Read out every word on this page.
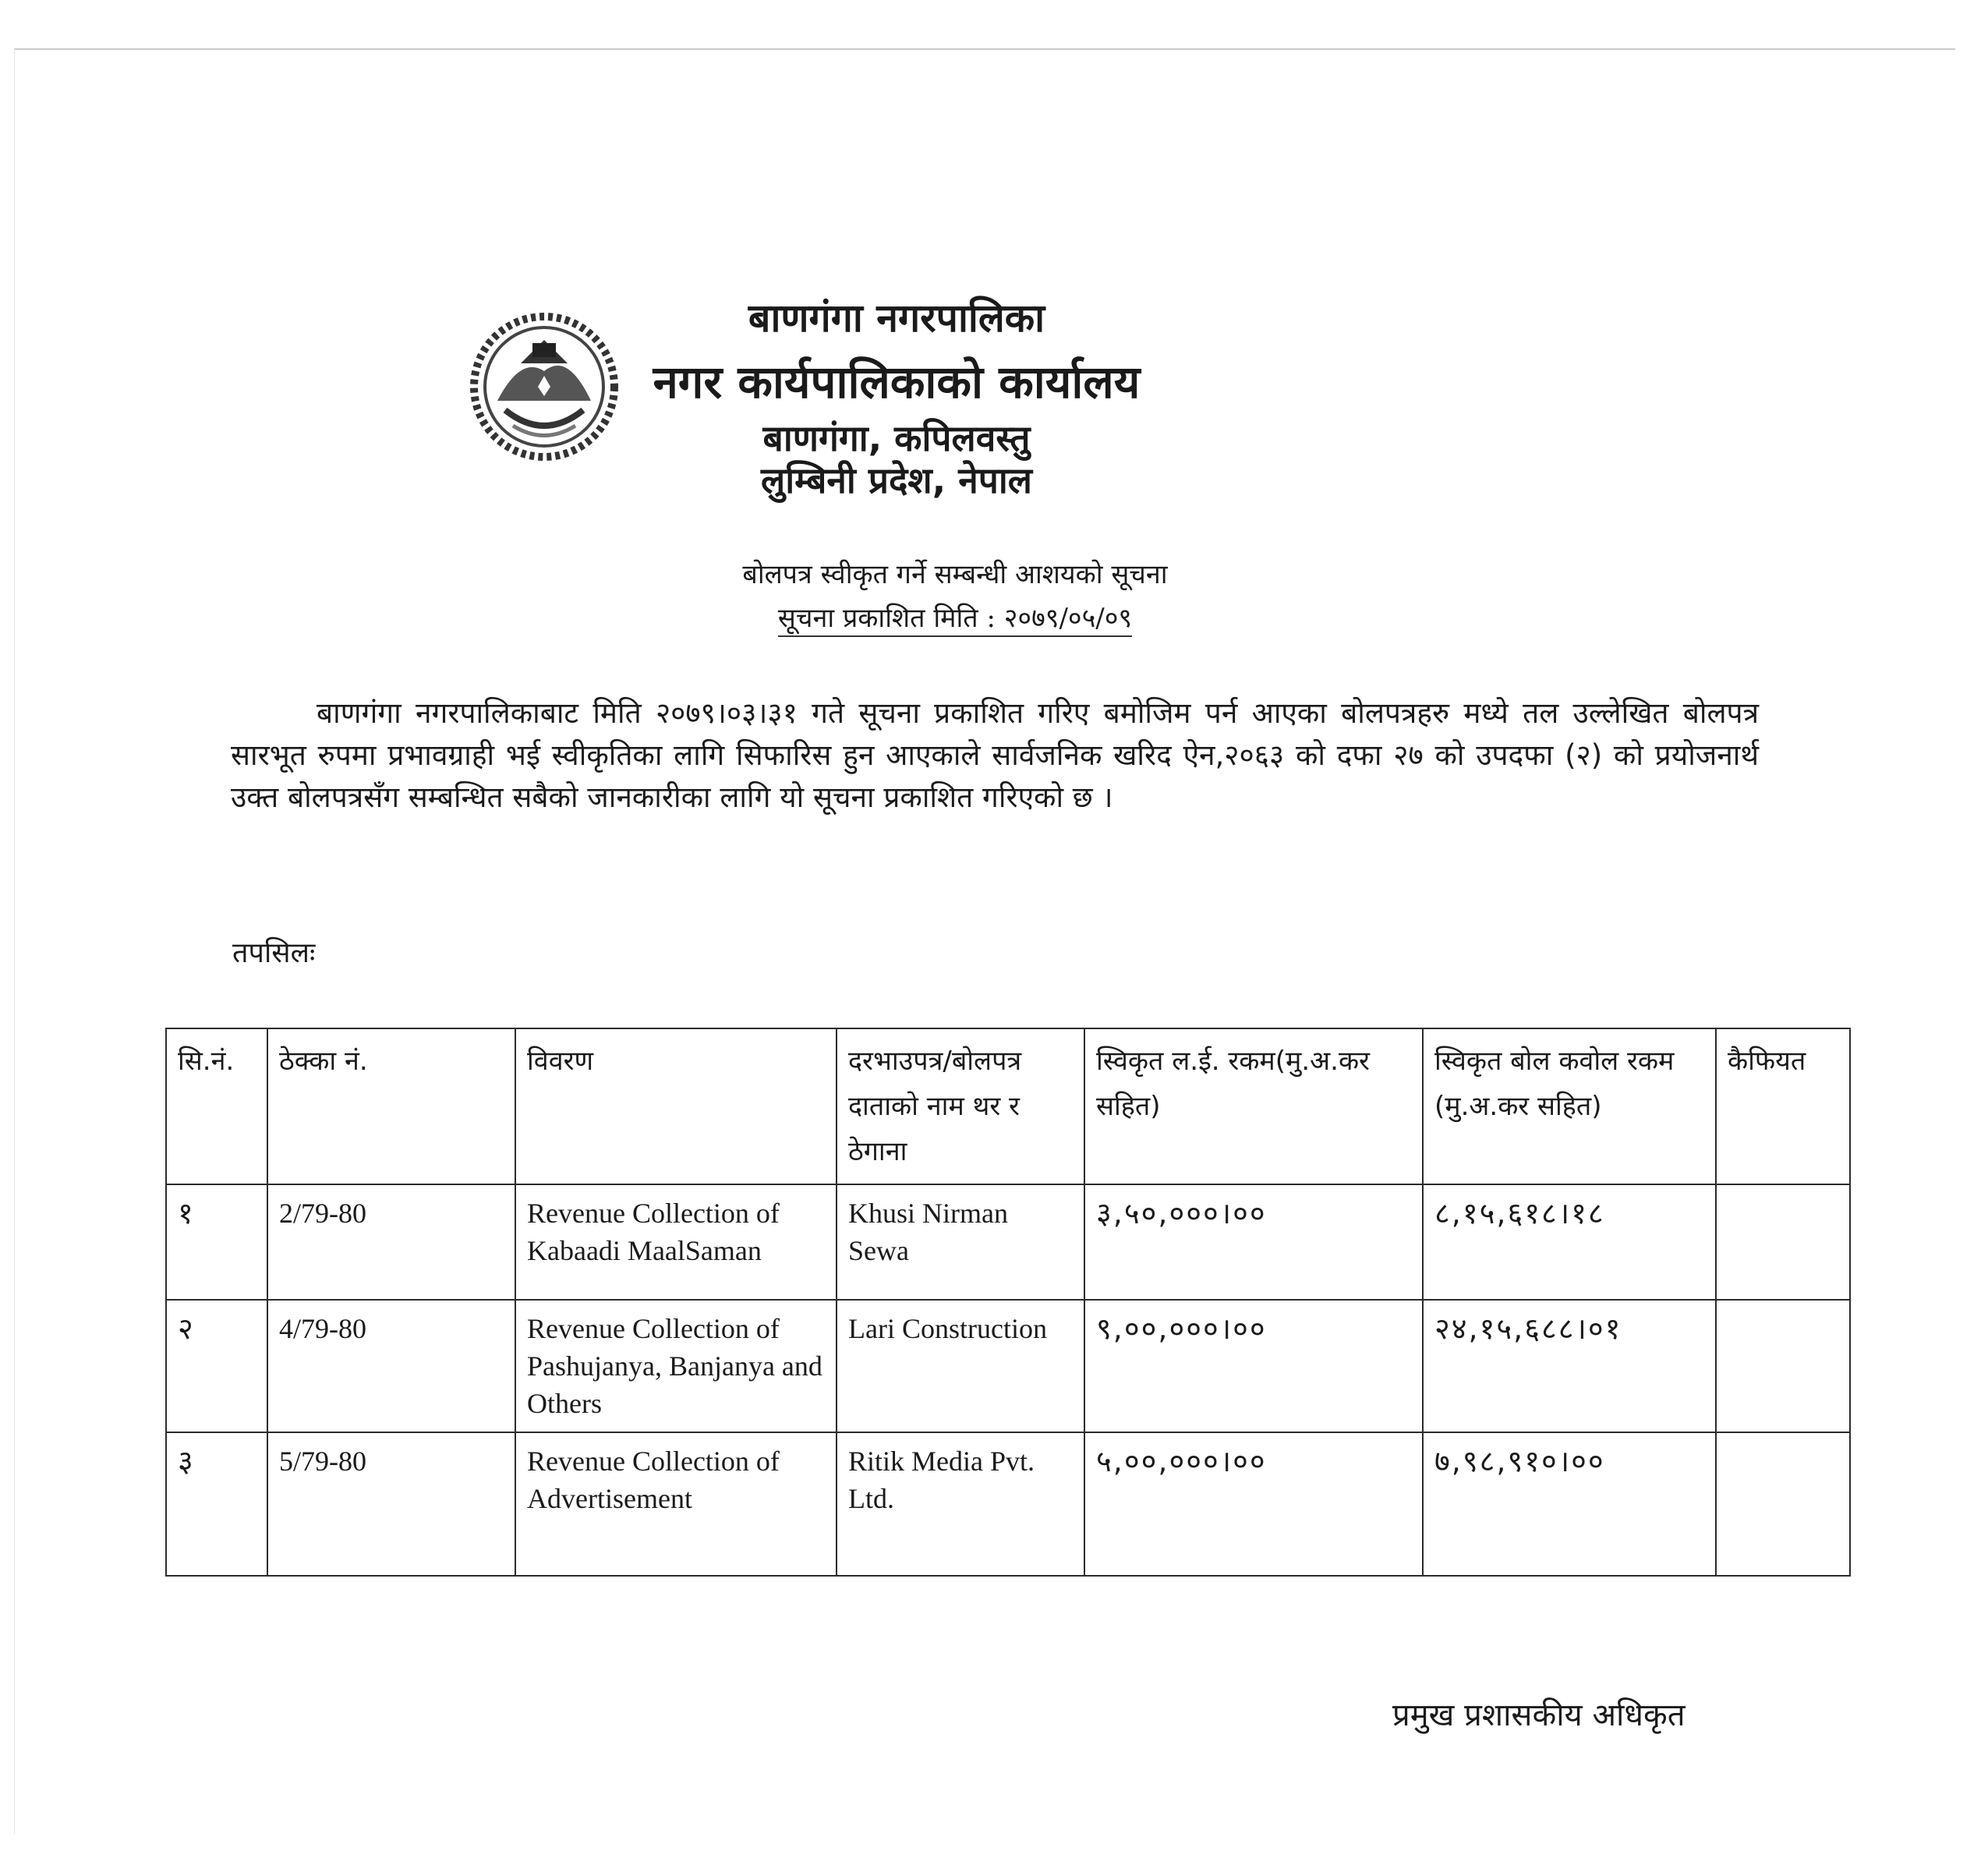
बाणगंगा नगरपालिका
नगर कार्यपालिकाको कार्यालय
बाणगंगा, कपिलवस्तु
लुम्बिनी प्रदेश, नेपाल
बोलपत्र स्वीकृत गर्ने सम्बन्धी आशयको सूचना
सूचना प्रकाशित मिति : २०७९/०५/०९
बाणगंगा नगरपालिकाबाट मिति २०७९।०३।३१ गते सूचना प्रकाशित गरिए बमोजिम पर्न आएका बोलपत्रहरु मध्ये तल उल्लेखित बोलपत्र सारभूत रुपमा प्रभावग्राही भई स्वीकृतिका लागि सिफारिस हुन आएकाले सार्वजनिक खरिद ऐन,२०६३ को दफा २७ को उपदफा (२) को प्रयोजनार्थ उक्त बोलपत्रसँग सम्बन्धित सबैको जानकारीका लागि यो सूचना प्रकाशित गरिएको छ ।
तपसिलः
सि.नं.	ठेक्का नं.	विवरण	दरभाउपत्र/बोलपत्र दाताको नाम थर र ठेगाना	स्विकृत ल.ई. रकम(मु.अ.कर सहित)	स्विकृत बोल कवोल रकम (मु.अ.कर सहित)	कैफियत
१	2/79-80	Revenue Collection of Kabaadi MaalSaman	Khusi Nirman Sewa	३,५०,०००।००	८,१५,६१८।१८	
२	4/79-80	Revenue Collection of Pashujanya, Banjanya and Others	Lari Construction	९,००,०००।००	२४,१५,६८८।०१	
३	5/79-80	Revenue Collection of Advertisement	Ritik Media Pvt. Ltd.	५,००,०००।००	७,९८,९१०।००	
प्रमुख प्रशासकीय अधिकृत
